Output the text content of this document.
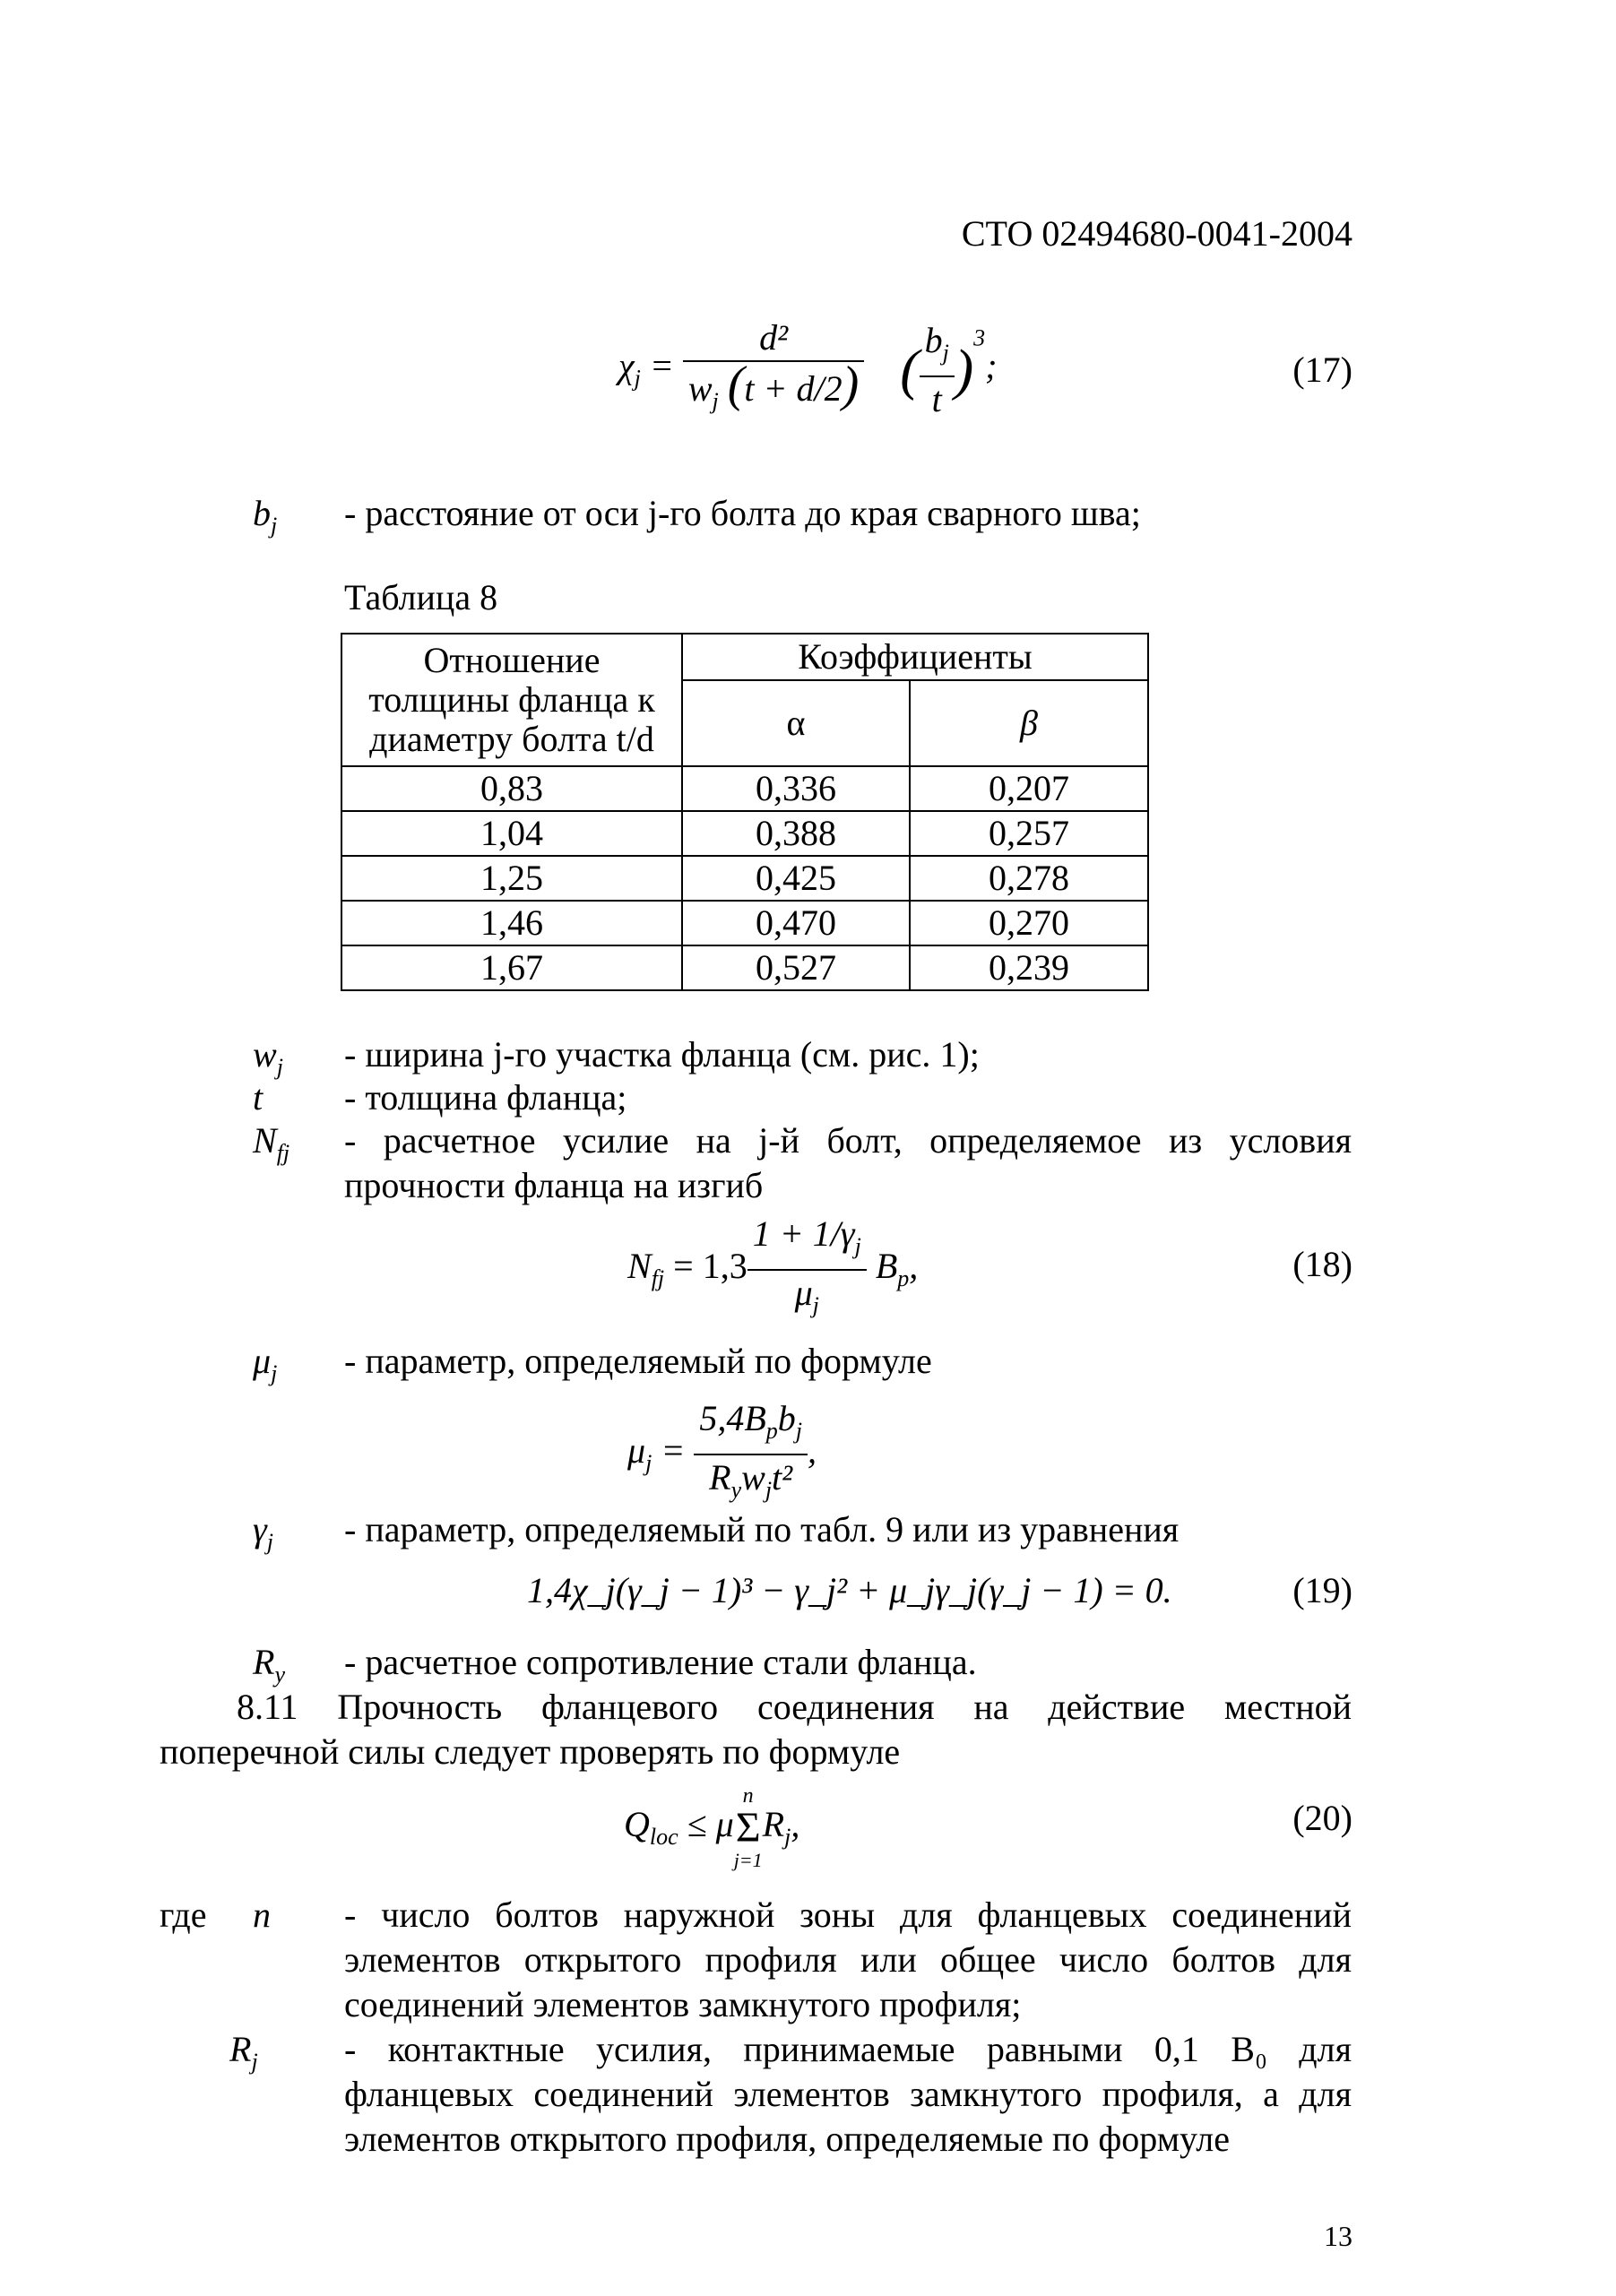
СТО 02494680-0041-2004
$\chi_j = \frac{\text{d²}}{w_j (t + d/2)}$ ( $\frac{b_j}{t} )^3$;	(17)
$b_j$ - расстояние от оси j-го болта до края сварного шва;
Таблица 8
Отношение толщины фланца к диаметру болта t/d	Коэффициенты	
	α	β
0,83	0,336	0,207
1,04	0,388	0,257
1,25	0,425	0,278
1,46	0,470	0,270
1,67	0,527	0,239
$w_j$ - ширина j-го участка фланца (см. рис. 1);
t - толщина фланца;
$N_{fj}$ - расчетное усилие на j-й болт, определяемое из условия прочности фланца на изгиб
$N_{fj} = 1,3 \frac{1 + 1/\gamma_j}{\mu_j} B_p$,	(18)
$\mu_j$ - параметр, определяемый по формуле
$\mu_j = \frac{5,4B_pb_j}{R_yw_jt^2}$ ,
$\gamma_j$ - параметр, определяемый по табл. 9 или из уравнения
1,4χ_j(γ_j − 1)³ − γ_j² + μ_jγ_j(γ_j − 1) = 0.	(19)
$R_y$ - расчетное сопротивление стали фланца.
8.11 Прочность фланцевого соединения на действие местной поперечной силы следует проверять по формуле
$Q_{loc} \le \mu$
n
Σ
j=1
$R_j$,	(20)
где n - число болтов наружной зоны для фланцевых соединений элементов открытого профиля или общее число болтов для соединений элементов замкнутого профиля;
$R_j$ - контактные усилия, принимаемые равными 0,1 B₀ для фланцевых соединений элементов замкнутого профиля, а для элементов открытого профиля, определяемые по формуле
13
